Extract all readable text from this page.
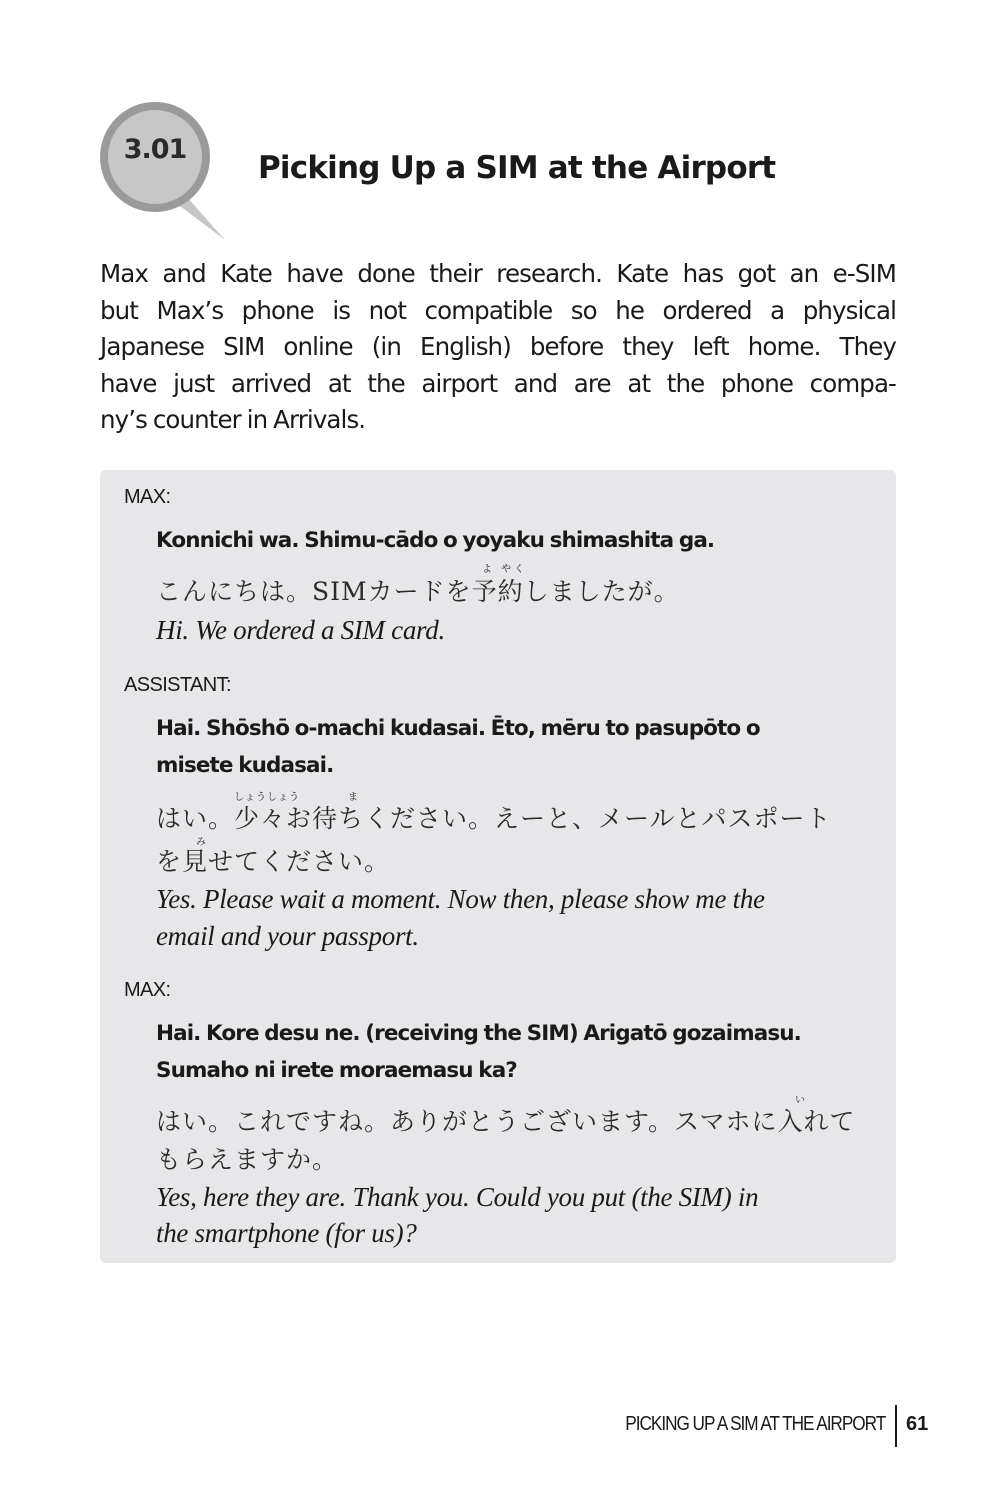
3.01
Picking Up a SIM at the Airport
Max and Kate have done their research. Kate has got an e-SIM
but Max’s phone is not compatible so he ordered a physical
Japanese SIM online (in English) before they left home. They
have just arrived at the airport and are at the phone compa-
ny’s counter in Arrivals.
MAX:
Konnichi wa. Shimu-cādo o yoyaku shimashita ga.
よ やく
こんにちは。SIMカードを予約しましたが。
Hi. We ordered a SIM card.
ASSISTANT:
Hai. Shōshō o-machi kudasai. Ēto, mēru to pasupōto o
misete kudasai.
しょうしょう	ま
はい。少々お待ちください。えーと、メールとパスポート
み
を見せてください。
Yes. Please wait a moment. Now then, please show me the
email and your passport.
MAX:
Hai. Kore desu ne. (receiving the SIM) Arigatō gozaimasu.
Sumaho ni irete moraemasu ka?
い
はい。これですね。ありがとうございます。スマホに入れて
もらえますか。
Yes, here they are. Thank you. Could you put (the SIM) in
the smartphone (for us)?
PICKING UP A SIM AT THE AIRPORT 61
